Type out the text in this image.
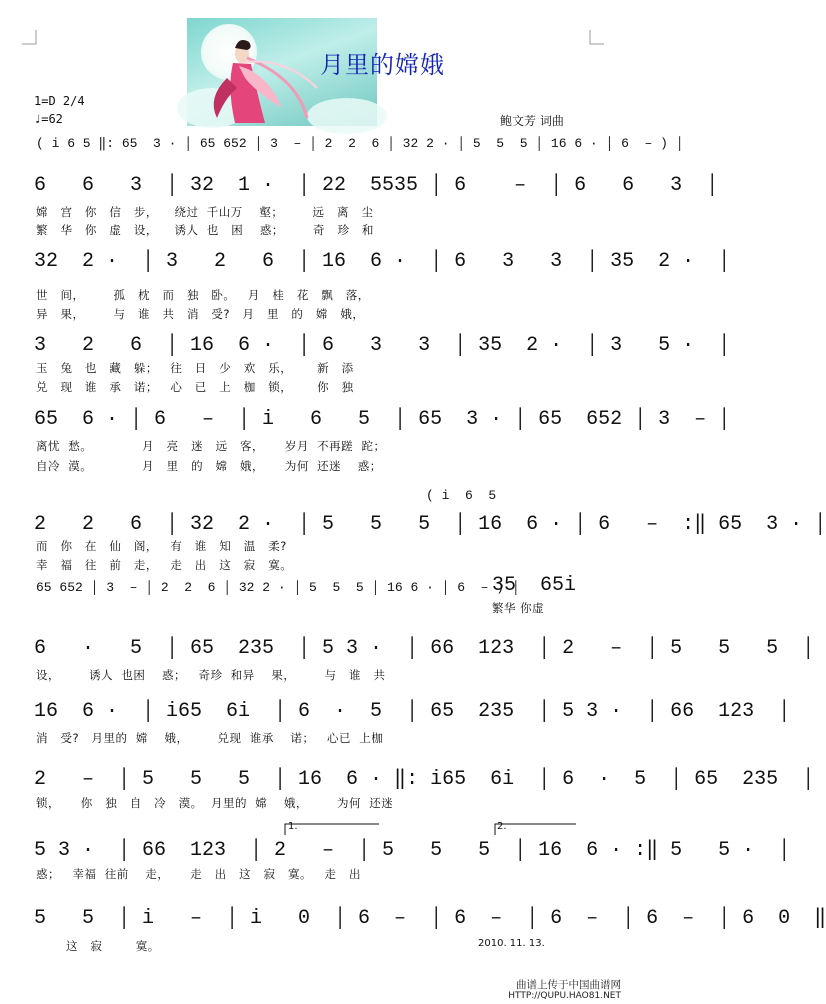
月里的嫦娥
1=D 2/4
♩=62	鲍文芳 词曲
( i 6 5 ‖: 65  3 · │ 65 652 │ 3  – │ 2  2  6 │ 32 2 · │ 5  5  5 │ 16 6 · │ 6  – ) │
6   6   3  │ 32  1 ·  │ 22  5535 │ 6    –  │ 6   6   3  │
嫦   宫   你   信   步，    绕过  千山万    壑；       远   离   尘
繁   华   你   虚   设，    诱人  也   困    惑；       奇   珍   和
32  2 ·  │ 3   2   6  │ 16  6 ·  │ 6   3   3  │ 35  2 ·  │
世   间，       孤   枕   而   独   卧。   月   桂   花   飘   落，
异   果，       与   谁   共   消   受?   月   里   的   嫦   娥，
3   2   6  │ 16  6 ·  │ 6   3   3  │ 35  2 ·  │ 3   5 ·  │
玉   兔   也   藏   躲；   往   日   少   欢   乐，      新   添
兑   现   谁   承   诺；   心   已   上   枷   锁，      你   独
65  6 · │ 6   –  │ i   6   5  │ 65  3 · │ 65  652 │ 3  – │
离忧  愁。            月   亮   迷   远   客，     岁月  不再蹉  跎；
自冷  漠。            月   里   的   嫦   娥，     为何  还迷    惑；
( i  6  5
2   2   6  │ 32  2 ·  │ 5   5   5  │ 16  6 · │ 6   –  :‖ 65  3 · │
而   你   在   仙   阁，   有   谁   知   温   柔?
幸   福   往   前   走，   走   出   这   寂   寞。
65 652 │ 3  – │ 2  2  6 │ 32 2 · │ 5  5  5 │ 16 6 · │ 6  – ) │
35  65i
繁华 你虚
6   ·   5  │ 65  235  │ 5 3 ·  │ 66  123  │ 2   –  │ 5   5   5  │
设，       诱人  也困    惑；   奇珍  和异    果，       与   谁   共
16  6 ·  │ i65  6i  │ 6  ·  5  │ 65  235  │ 5 3 ·  │ 66  123  │
消   受?   月里的  嫦    娥，       兑现  谁承    诺；   心已  上枷
2   –  │ 5   5   5  │ 16  6 · ‖: i65  6i  │ 6  ·  5  │ 65  235  │
锁，     你   独   自   冷   漠。  月里的  嫦    娥，       为何  还迷
1.	2.
5 3 ·  │ 66  123  │ 2   –  │ 5   5   5  │ 16  6 · :‖ 5   5 ·  │
惑；   幸福  往前    走，     走   出   这   寂   寞。   走   出
5   5  │ i   –  │ i   0  │ 6  –  │ 6  –  │ 6  –  │ 6  –  │ 6  0  ‖
这   寂        寞。	2010. 11. 13.
曲谱上传于中国曲谱网
HTTP://QUPU.HAO81.NET
